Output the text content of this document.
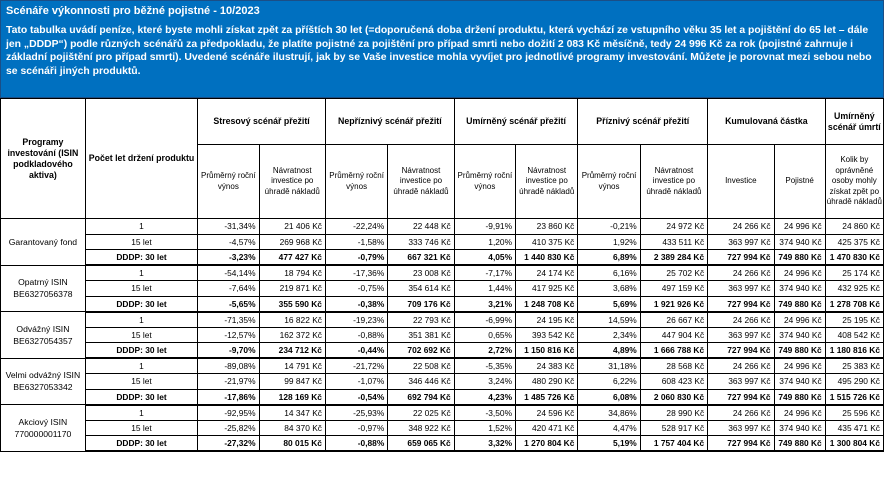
Scénáře výkonnosti pro běžné pojistné - 10/2023
Tato tabulka uvádí peníze, které byste mohli získat zpět za příštích 30 let (=doporučená doba držení produktu, která vychází ze vstupního věku 35 let a pojištění do 65 let – dále jen „DDDP“) podle různých scénářů za předpokladu, že platíte pojistné za pojištění pro případ smrti nebo dožití 2 083 Kč měsíčně, tedy 24 996 Kč za rok (pojistné zahrnuje i základní pojištění pro případ smrti). Uvedené scénáře ilustrují, jak by se Vaše investice mohla vyvíjet pro jednotlivé programy investování. Můžete je porovnat mezi sebou nebo se scénáři jiných produktů.
Programy investování (ISIN podkladového aktiva)	Počet let držení produktu	Stresový scénář přežití		Nepříznivý scénář přežití		Umírněný scénář přežití		Příznivý scénář přežití		Kumulovaná částka		Umírněný scénář úmrtí
		Průměrný roční výnos	Návratnost investice po úhradě nákladů	Průměrný roční výnos	Návratnost investice po úhradě nákladů	Průměrný roční výnos	Návratnost investice po úhradě nákladů	Průměrný roční výnos	Návratnost investice po úhradě nákladů	Investice	Pojistné	Kolik by oprávněné osoby mohly získat zpět po úhradě nákladů
Garantovaný fond	1	-31,34%	21 406 Kč	-22,24%	22 448 Kč	-9,91%	23 860 Kč	-0,21%	24 972 Kč	24 266 Kč	24 996 Kč	24 860 Kč
	15 let	-4,57%	269 968 Kč	-1,58%	333 746 Kč	1,20%	410 375 Kč	1,92%	433 511 Kč	363 997 Kč	374 940 Kč	425 375 Kč
	DDDP: 30 let	-3,23%	477 427 Kč	-0,79%	667 321 Kč	4,05%	1 440 830 Kč	6,89%	2 389 284 Kč	727 994 Kč	749 880 Kč	1 470 830 Kč
Opatrný ISIN BE6327056378	1	-54,14%	18 794 Kč	-17,36%	23 008 Kč	-7,17%	24 174 Kč	6,16%	25 702 Kč	24 266 Kč	24 996 Kč	25 174 Kč
	15 let	-7,64%	219 871 Kč	-0,75%	354 614 Kč	1,44%	417 925 Kč	3,68%	497 159 Kč	363 997 Kč	374 940 Kč	432 925 Kč
	DDDP: 30 let	-5,65%	355 590 Kč	-0,38%	709 176 Kč	3,21%	1 248 708 Kč	5,69%	1 921 926 Kč	727 994 Kč	749 880 Kč	1 278 708 Kč
Odvážný ISIN BE6327054357	1	-71,35%	16 822 Kč	-19,23%	22 793 Kč	-6,99%	24 195 Kč	14,59%	26 667 Kč	24 266 Kč	24 996 Kč	25 195 Kč
	15 let	-12,57%	162 372 Kč	-0,88%	351 381 Kč	0,65%	393 542 Kč	2,34%	447 904 Kč	363 997 Kč	374 940 Kč	408 542 Kč
	DDDP: 30 let	-9,70%	234 712 Kč	-0,44%	702 692 Kč	2,72%	1 150 816 Kč	4,89%	1 666 788 Kč	727 994 Kč	749 880 Kč	1 180 816 Kč
Velmi odvážný ISIN BE6327053342	1	-89,08%	14 791 Kč	-21,72%	22 508 Kč	-5,35%	24 383 Kč	31,18%	28 568 Kč	24 266 Kč	24 996 Kč	25 383 Kč
	15 let	-21,97%	99 847 Kč	-1,07%	346 446 Kč	3,24%	480 290 Kč	6,22%	608 423 Kč	363 997 Kč	374 940 Kč	495 290 Kč
	DDDP: 30 let	-17,86%	128 169 Kč	-0,54%	692 794 Kč	4,23%	1 485 726 Kč	6,08%	2 060 830 Kč	727 994 Kč	749 880 Kč	1 515 726 Kč
Akciový ISIN 770000001170	1	-92,95%	14 347 Kč	-25,93%	22 025 Kč	-3,50%	24 596 Kč	34,86%	28 990 Kč	24 266 Kč	24 996 Kč	25 596 Kč
	15 let	-25,82%	84 370 Kč	-0,97%	348 922 Kč	1,52%	420 471 Kč	4,47%	528 917 Kč	363 997 Kč	374 940 Kč	435 471 Kč
	DDDP: 30 let	-27,32%	80 015 Kč	-0,88%	659 065 Kč	3,32%	1 270 804 Kč	5,19%	1 757 404 Kč	727 994 Kč	749 880 Kč	1 300 804 Kč
